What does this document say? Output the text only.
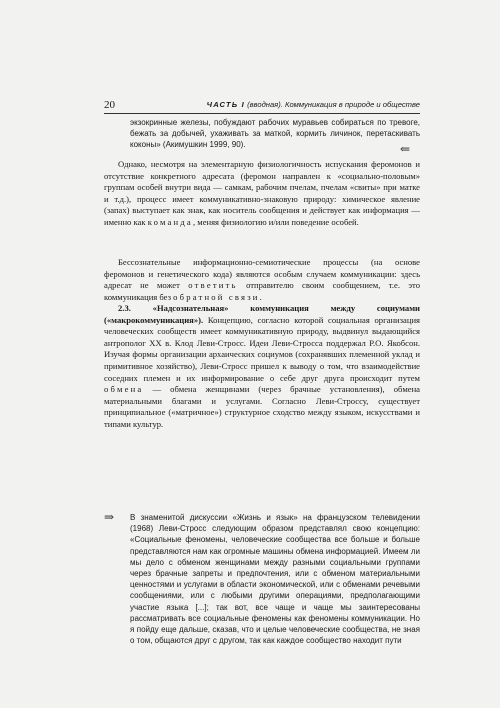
20	ЧАСТЬ I (вводная). Коммуникация в природе и обществе

экзокринные железы, побуждают рабочих муравьев собираться по тревоге, бежать за добычей, ухаживать за маткой, кормить личинок, перетаскивать коконы» (Акимушкин 1999, 90).	⇐

Однако, несмотря на элементарную физиологичность испускания феромонов и отсутствие конкретного адресата (феромон направлен к «социально-половым» группам особей внутри вида — самкам, рабочим пчелам, пчелам «свиты» при матке и т.д.), процесс имеет коммуникативно-знаковую природу: химическое явление (запах) выступает как знак, как носитель сообщения и действует как информация — именно как команда, меняя физиологию и/или поведение особей.

Бессознательные информационно-семиотические процессы (на основе феромонов и генетического кода) являются особым случаем коммуникации: здесь адресат не может ответить отправителю своим сообщением, т.е. это коммуникация без обратной связи.

2.3. «Надсознательная» коммуникация между социумами («макрокоммуникация»). Концепцию, согласно которой социальная организация человеческих сообществ имеет коммуникативную природу, выдвинул выдающийся антрополог XX в. Клод Леви-Стросс. Идеи Леви-Стросса поддержал Р.О. Якобсон. Изучая формы организации архаических социумов (сохранявших племенной уклад и примитивное хозяйство), Леви-Стросс пришел к выводу о том, что взаимодействие соседних племен и их информирование о себе друг друга происходит путем обмена — обмена женщинами (через брачные установления), обмена материальными благами и услугами. Согласно Леви-Строссу, существует принципиальное («матричное») структурное сходство между языком, искусствами и типами культур.

⇒ В знаменитой дискуссии «Жизнь и язык» на французском телевидении (1968) Леви-Стросс следующим образом представлял свою концепцию: «Социальные феномены, человеческие сообщества все больше и больше представляются нам как огромные машины обмена информацией. Имеем ли мы дело с обменом женщинами между разными социальными группами через брачные запреты и предпочтения, или с обменом материальными ценностями и услугами в области экономической, или с обменами речевыми сообщениями, или с любыми другими операциями, предполагающими участие языка [...]; так вот, все чаще и чаще мы заинтересованы рассматривать все социальные феномены как феномены коммуникации. Но я пойду еще дальше, сказав, что и целые человеческие сообщества, не зная о том, общаются друг с другом, так как каждое сообщество находит пути
